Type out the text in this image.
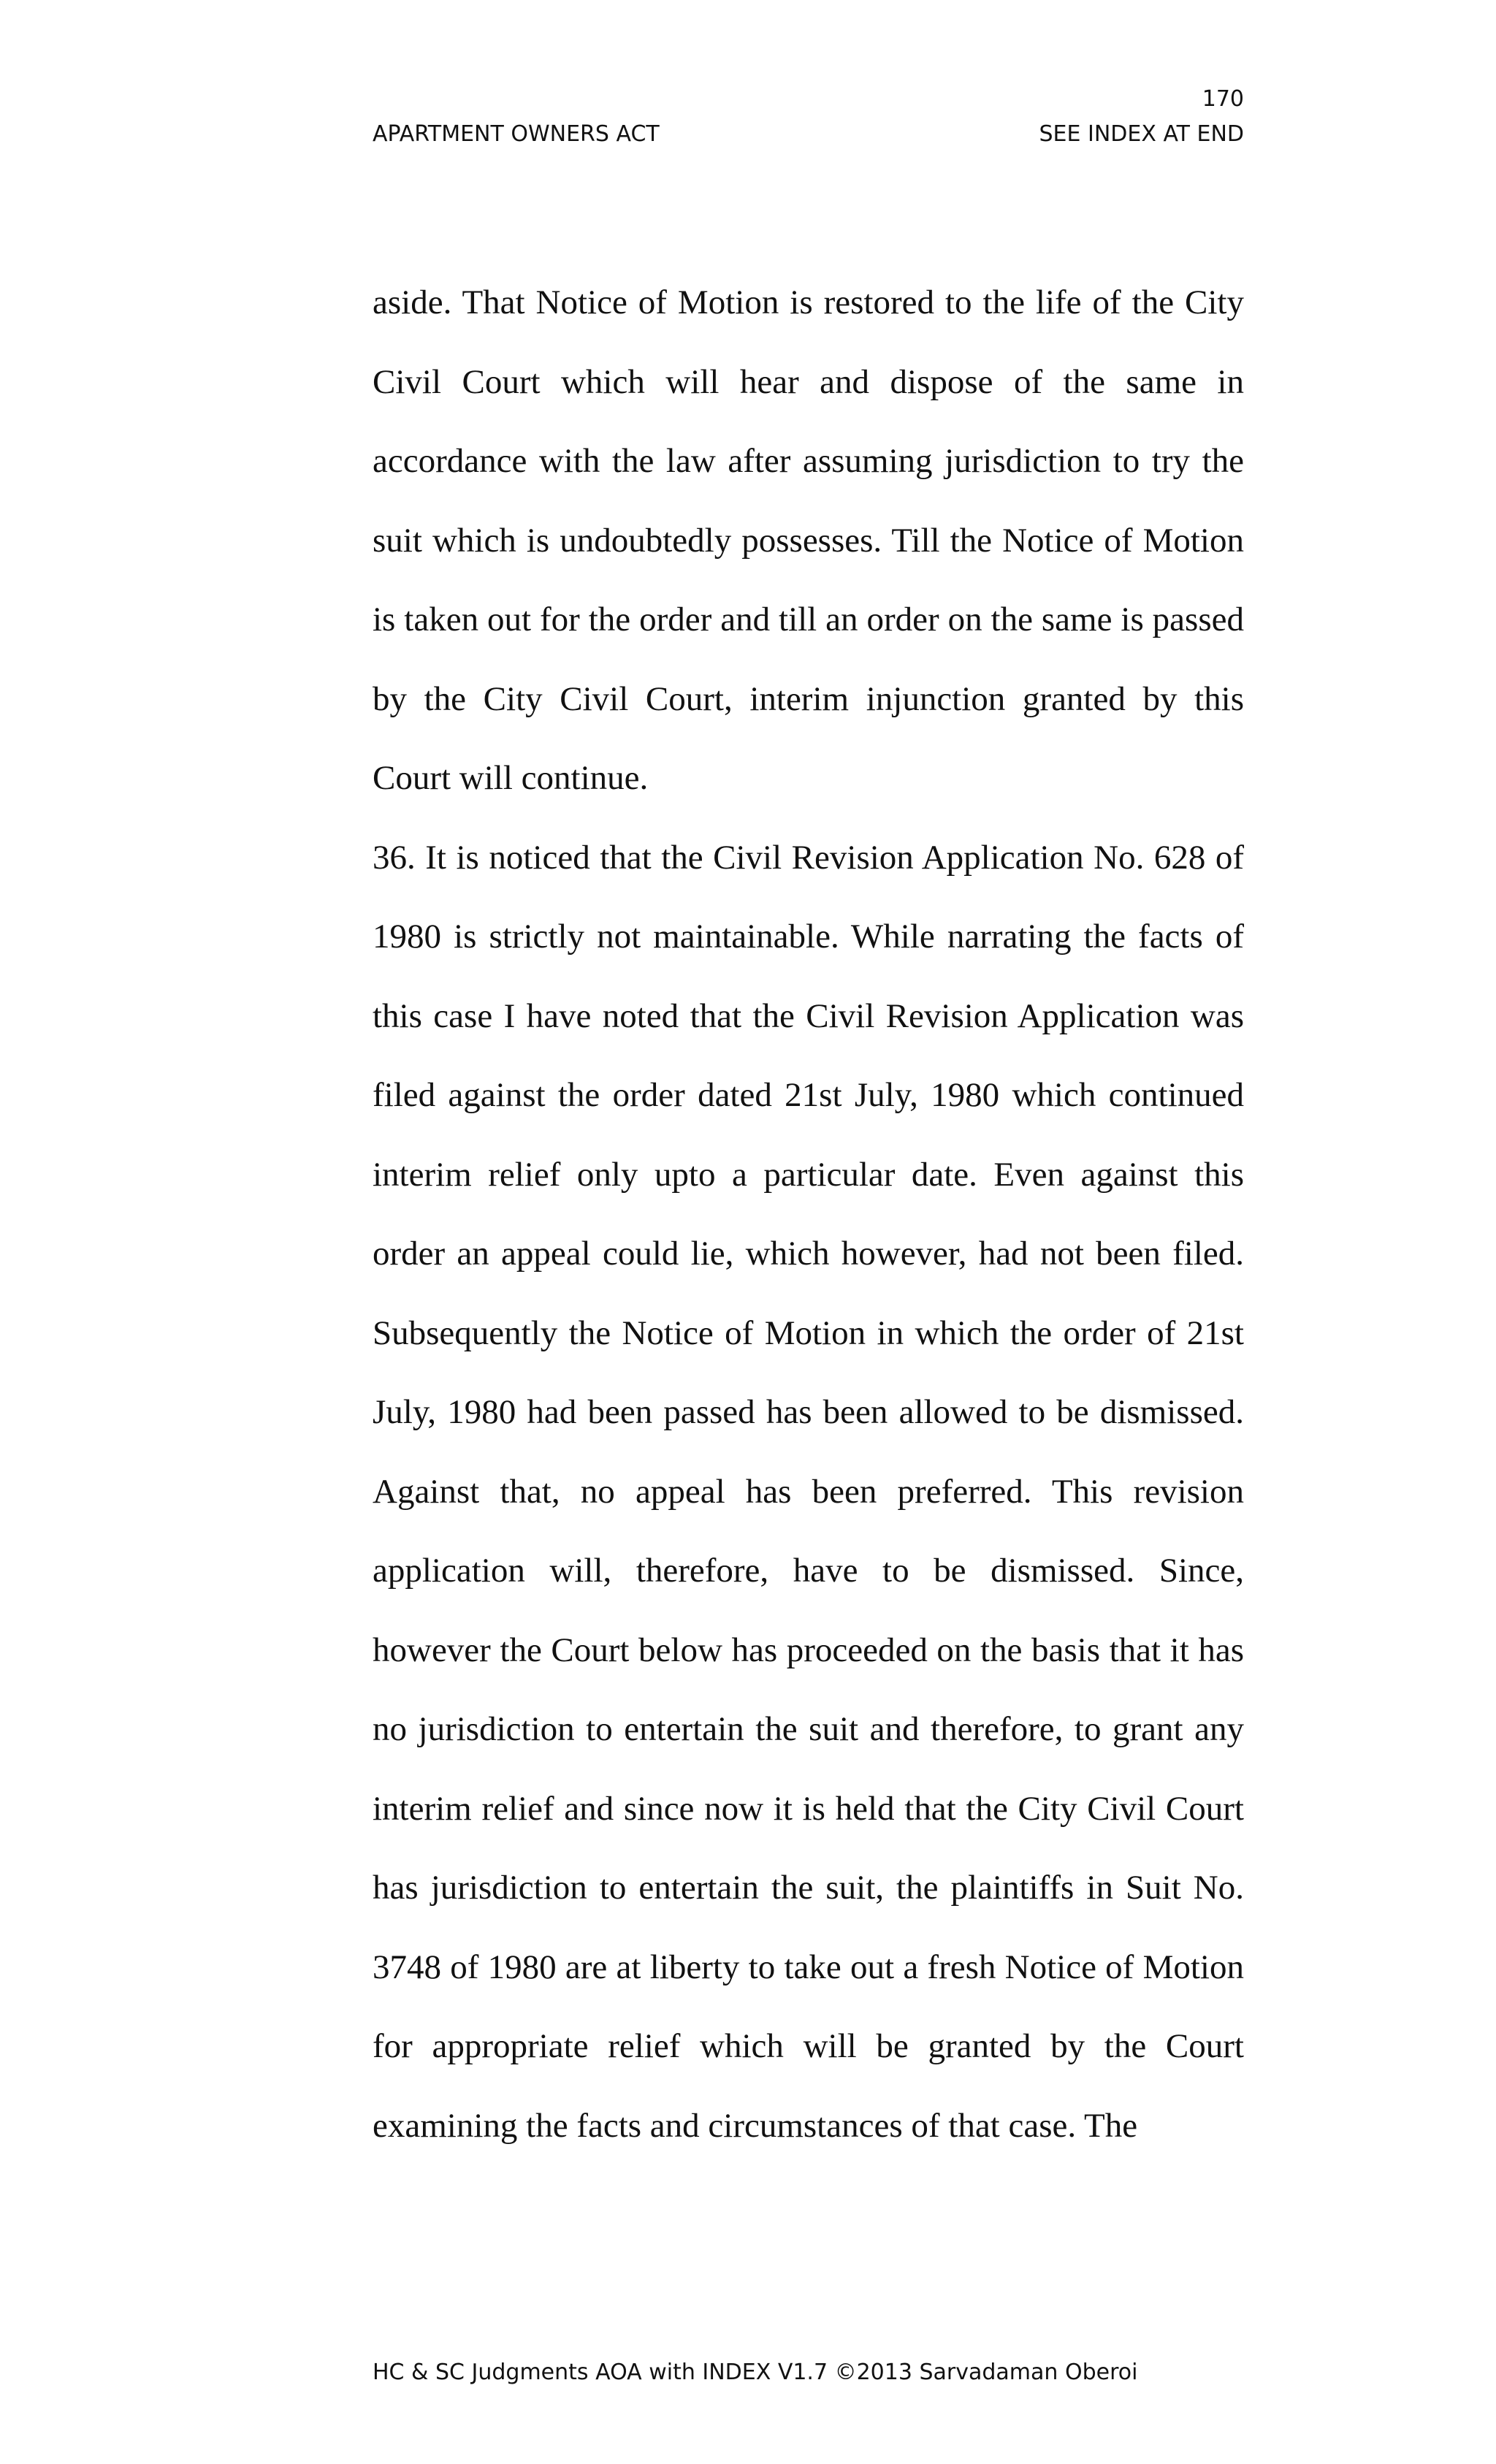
170
APARTMENT OWNERS ACT	SEE INDEX AT END

aside. That Notice of Motion is restored to the life of the City Civil Court which will hear and dispose of the same in accordance with the law after assuming jurisdiction to try the suit which is undoubtedly possesses. Till the Notice of Motion is taken out for the order and till an order on the same is passed by the City Civil Court, interim injunction granted by this Court will continue.

36. It is noticed that the Civil Revision Application No. 628 of 1980 is strictly not maintainable. While narrating the facts of this case I have noted that the Civil Revision Application was filed against the order dated 21st July, 1980 which continued interim relief only upto a particular date. Even against this order an appeal could lie, which however, had not been filed. Subsequently the Notice of Motion in which the order of 21st July, 1980 had been passed has been allowed to be dismissed. Against that, no appeal has been preferred. This revision application will, therefore, have to be dismissed. Since, however the Court below has proceeded on the basis that it has no jurisdiction to entertain the suit and therefore, to grant any interim relief and since now it is held that the City Civil Court has jurisdiction to entertain the suit, the plaintiffs in Suit No. 3748 of 1980 are at liberty to take out a fresh Notice of Motion for appropriate relief which will be granted by the Court examining the facts and circumstances of that case. The

HC & SC Judgments AOA with INDEX V1.7 ©2013 Sarvadaman Oberoi
